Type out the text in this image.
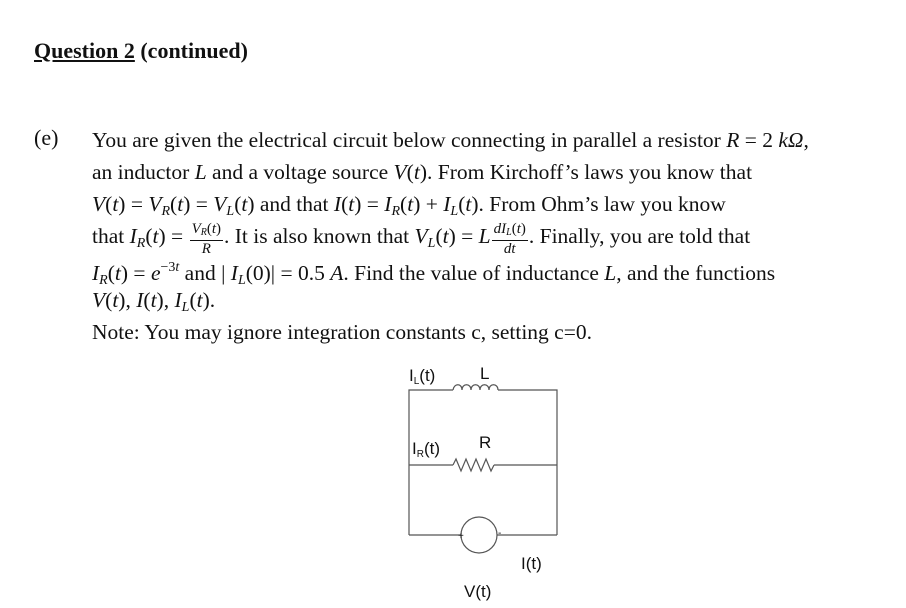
Question 2 (continued)
(e) You are given the electrical circuit below connecting in parallel a resistor R = 2 kΩ,
an inductor L and a voltage source V(t). From Kirchoff’s laws you know that
$V(t) = V_R(t) = V_L(t)$ and that $I(t) = I_R(t) + I_L(t)$. From Ohm’s law you know
that $I_R(t) = \frac{V_R(t)}{R}$ . It is also known that $V_L(t) = L \frac{dI_L(t)}{dt}$ . Finally, you are told that
$I_R(t) = e^{-3t}$ and | $I_L(0)| = 0.5$ A. Find the value of inductance L, and the functions
V(t), I(t), $I_L(t)$.
Note: You may ignore integration constants c, setting c=0.
IL(t)	L
IR(t) R
+	-
I(t)
V(t)
